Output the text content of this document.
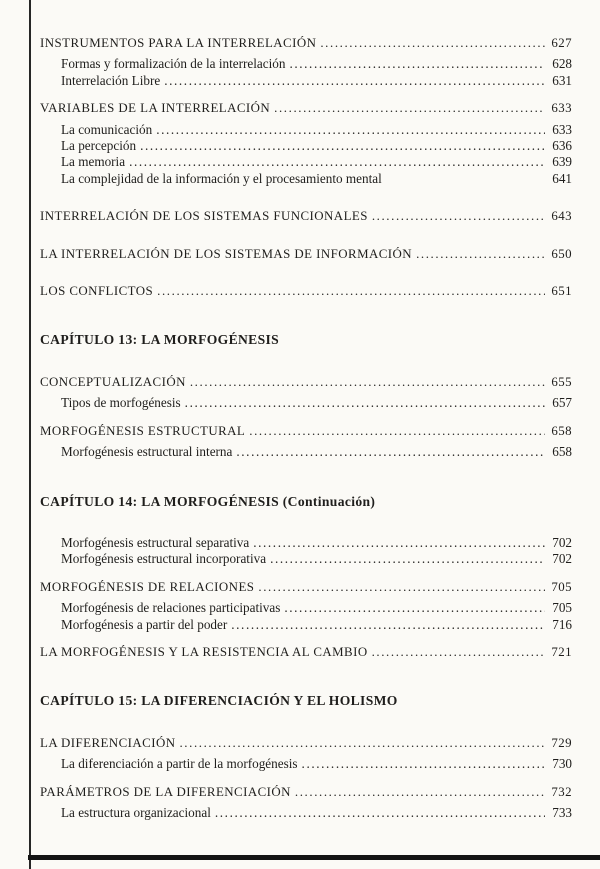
INSTRUMENTOS PARA LA INTERRELACIÓN .....	627
Formas y formalización de la interrelación .....	628
Interrelación Libre .....	631
VARIABLES DE LA INTERRELACIÓN .....	633
La comunicación .....	633
La percepción .....	636
La memoria .....	639
La complejidad de la información y el procesamiento mental	641
INTERRELACIÓN DE LOS SISTEMAS FUNCIONALES .....	643
LA INTERRELACIÓN DE LOS SISTEMAS DE INFORMACIÓN .....	650
LOS CONFLICTOS .....	651
CAPÍTULO 13: LA MORFOGÉNESIS
CONCEPTUALIZACIÓN .....	655
Tipos de morfogénesis .....	657
MORFOGÉNESIS ESTRUCTURAL .....	658
Morfogénesis estructural interna .....	658
CAPÍTULO 14: LA MORFOGÉNESIS (Continuación)
Morfogénesis estructural separativa .....	702
Morfogénesis estructural incorporativa .....	702
MORFOGÉNESIS DE RELACIONES .....	705
Morfogénesis de relaciones participativas .....	705
Morfogénesis a partir del poder .....	716
LA MORFOGÉNESIS Y LA RESISTENCIA AL CAMBIO .....	721
CAPÍTULO 15: LA DIFERENCIACIÓN Y EL HOLISMO
LA DIFERENCIACIÓN .....	729
La diferenciación a partir de la morfogénesis .....	730
PARÁMETROS DE LA DIFERENCIACIÓN .....	732
La estructura organizacional .....	733
